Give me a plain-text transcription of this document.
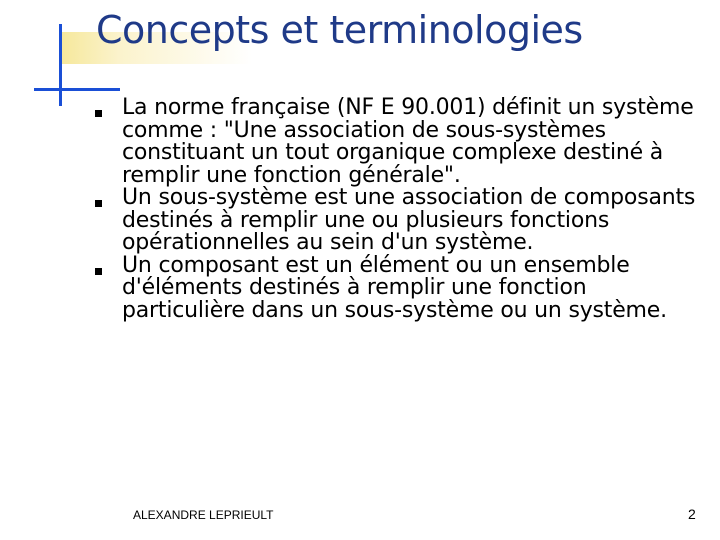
Concepts et terminologies
La norme française (NF E 90.001) définit un système comme : "Une association de sous-systèmes constituant un tout organique complexe destiné à remplir une fonction générale".
Un sous-système est une association de composants destinés à remplir une ou plusieurs fonctions opérationnelles au sein d'un système.
Un composant est un élément ou un ensemble d'éléments destinés à remplir une fonction particulière dans un sous-système ou un système.
ALEXANDRE LEPRIEULT	2
